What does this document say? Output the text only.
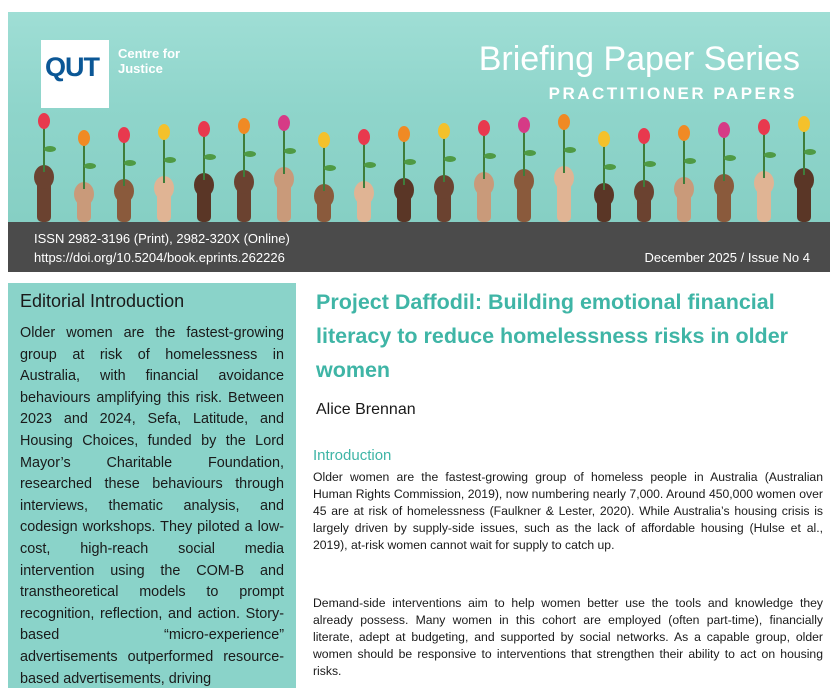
QUT Centre for
Justice	Briefing Paper Series
PRACTITIONER PAPERS
ISSN 2982-3196 (Print), 2982-320X (Online)
https://doi.org/10.5204/book.eprints.262226	December 2025 / Issue No 4
Editorial Introduction

Older women are the fastest-growing group at risk of homelessness in Australia, with financial avoidance behaviours amplifying this risk. Between 2023 and 2024, Sefa, Latitude, and Housing Choices, funded by the Lord Mayor’s Charitable Foundation, researched these behaviours through interviews, thematic analysis, and codesign workshops. They piloted a low-cost, high-reach social media intervention using the COM-B and transtheoretical models to prompt recognition, reflection, and action. Story-based “micro-experience” advertisements outperformed resource-based advertisements, driving

Project Daffodil: Building emotional financial literacy to reduce homelessness risks in older women
Alice Brennan
Introduction

Older women are the fastest-growing group of homeless people in Australia (Australian Human Rights Commission, 2019), now numbering nearly 7,000. Around 450,000 women over 45 are at risk of homelessness (Faulkner & Lester, 2020). While Australia’s housing crisis is largely driven by supply-side issues, such as the lack of affordable housing (Hulse et al., 2019), at-risk women cannot wait for supply to catch up.

Demand-side interventions aim to help women better use the tools and knowledge they already possess. Many women in this cohort are employed (often part-time), financially literate, adept at budgeting, and supported by social networks. As a capable group, older women should be responsive to interventions that strengthen their ability to act on housing risks.
